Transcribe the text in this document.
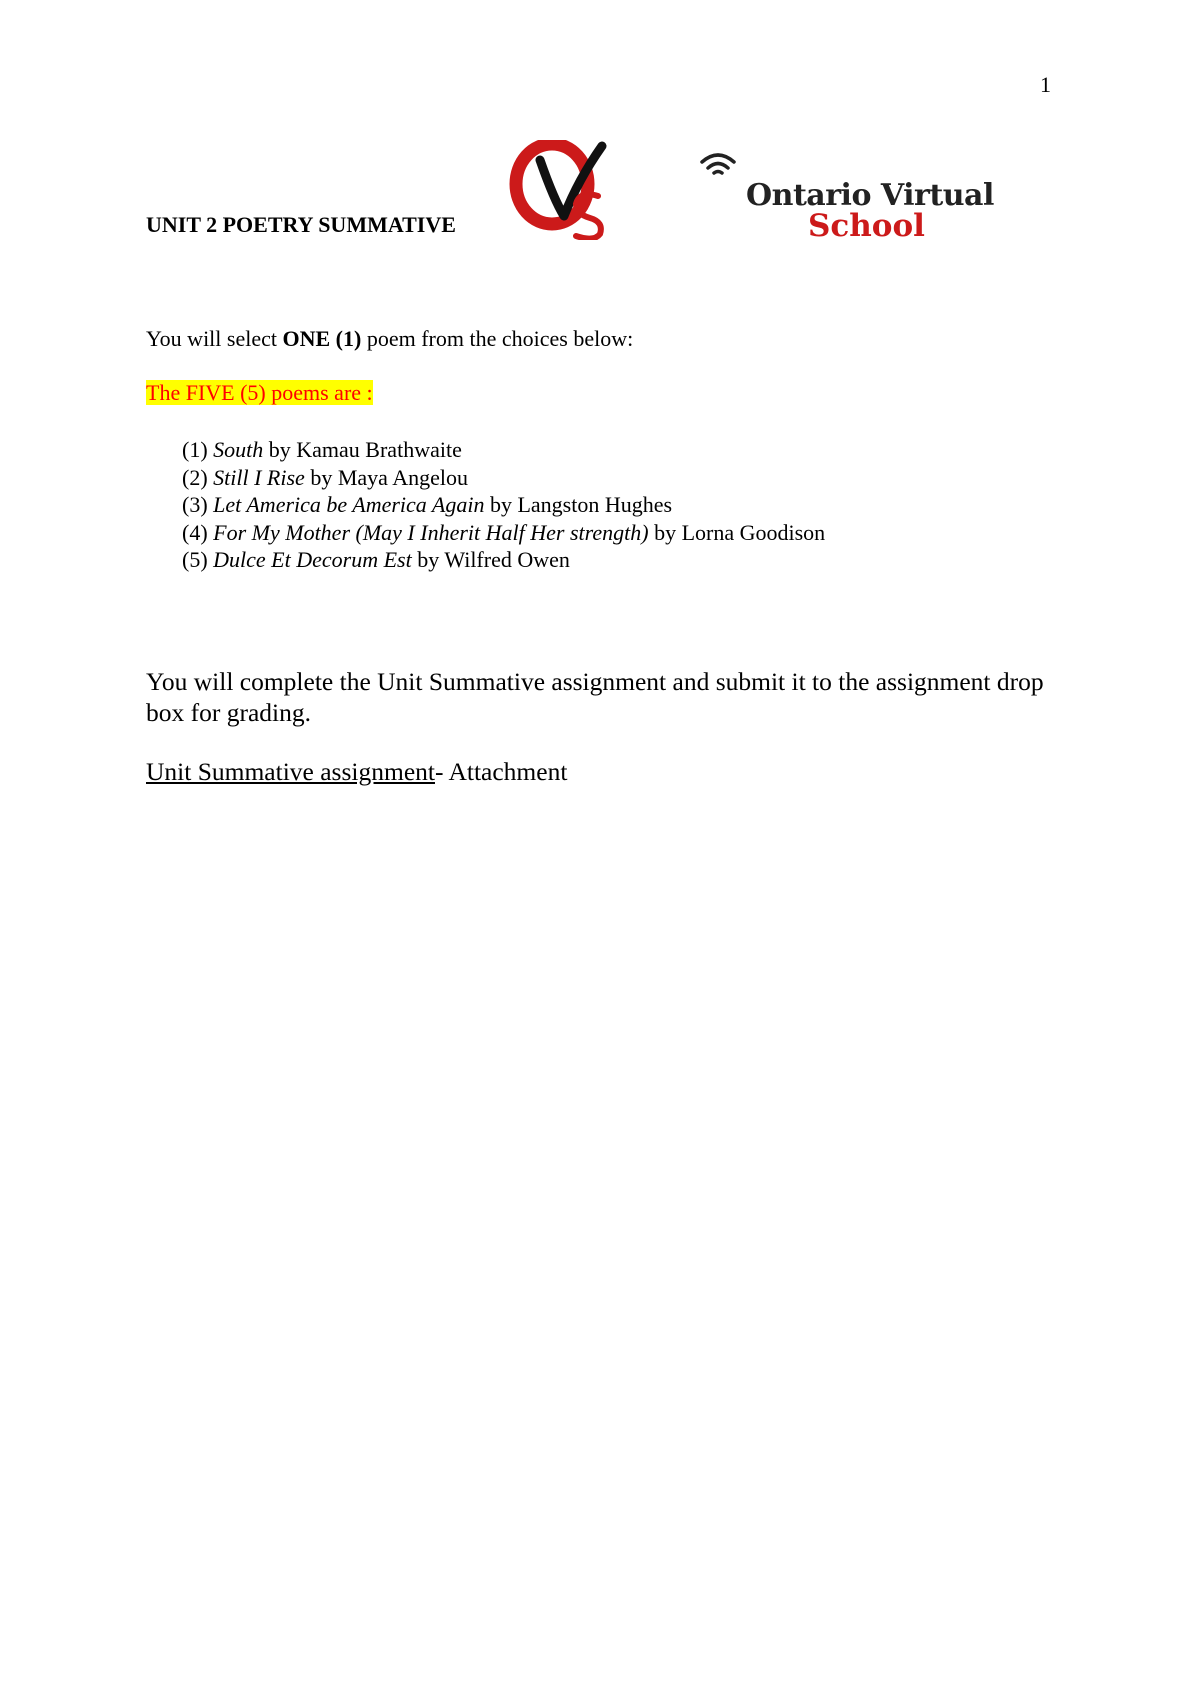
1
UNIT 2 POETRY SUMMATIVE
Ontario Virtual
School
You will select ONE (1) poem from the choices below:
The FIVE (5) poems are :
(1) South by Kamau Brathwaite
(2) Still I Rise by Maya Angelou
(3) Let America be America Again by Langston Hughes
(4) For My Mother (May I Inherit Half Her strength) by Lorna Goodison
(5) Dulce Et Decorum Est by Wilfred Owen
You will complete the Unit Summative assignment and submit it to the assignment drop box for grading.
Unit Summative assignment- Attachment
